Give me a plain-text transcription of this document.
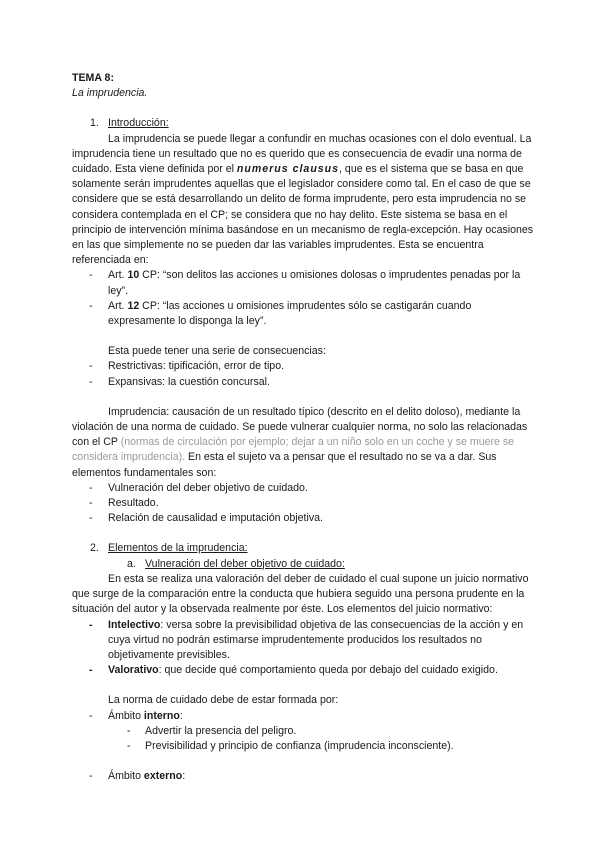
TEMA 8:

La imprudencia.

1. Introducción:

La imprudencia se puede llegar a confundir en muchas ocasiones con el dolo eventual. La imprudencia tiene un resultado que no es querido que es consecuencia de evadir una norma de cuidado. Esta viene definida por el numerus clausus, que es el sistema que se basa en que solamente serán imprudentes aquellas que el legislador considere como tal. En el caso de que se considere que se está desarrollando un delito de forma imprudente, pero esta imprudencia no se considera contemplada en el CP; se considera que no hay delito. Este sistema se basa en el principio de intervención mínima basándose en un mecanismo de regla-excepción. Hay ocasiones en las que simplemente no se pueden dar las variables imprudentes. Esta se encuentra referenciada en:

- Art. 10 CP: “son delitos las acciones u omisiones dolosas o imprudentes penadas por la ley”.

- Art. 12 CP: “las acciones u omisiones imprudentes sólo se castigarán cuando expresamente lo disponga la ley”.

Esta puede tener una serie de consecuencias:

- Restrictivas: tipificación, error de tipo.

- Expansivas: la cuestión concursal.

Imprudencia: causación de un resultado típico (descrito en el delito doloso), mediante la violación de una norma de cuidado. Se puede vulnerar cualquier norma, no solo las relacionadas con el CP (normas de circulación por ejemplo; dejar a un niño solo en un coche y se muere se considera imprudencia). En esta el sujeto va a pensar que el resultado no se va a dar. Sus elementos fundamentales son:

- Vulneración del deber objetivo de cuidado.

- Resultado.

- Relación de causalidad e imputación objetiva.

2. Elementos de la imprudencia:

a. Vulneración del deber objetivo de cuidado:

En esta se realiza una valoración del deber de cuidado el cual supone un juicio normativo que surge de la comparación entre la conducta que hubiera seguido una persona prudente en la situación del autor y la observada realmente por éste. Los elementos del juicio normativo:

- Intelectivo: versa sobre la previsibilidad objetiva de las consecuencias de la acción y en cuya virtud no podrán estimarse imprudentemente producidos los resultados no objetivamente previsibles.

- Valorativo: que decide qué comportamiento queda por debajo del cuidado exigido.

La norma de cuidado debe de estar formada por:

- Ámbito interno:

- Advertir la presencia del peligro.

- Previsibilidad y principio de confianza (imprudencia inconsciente).

- Ámbito externo:
